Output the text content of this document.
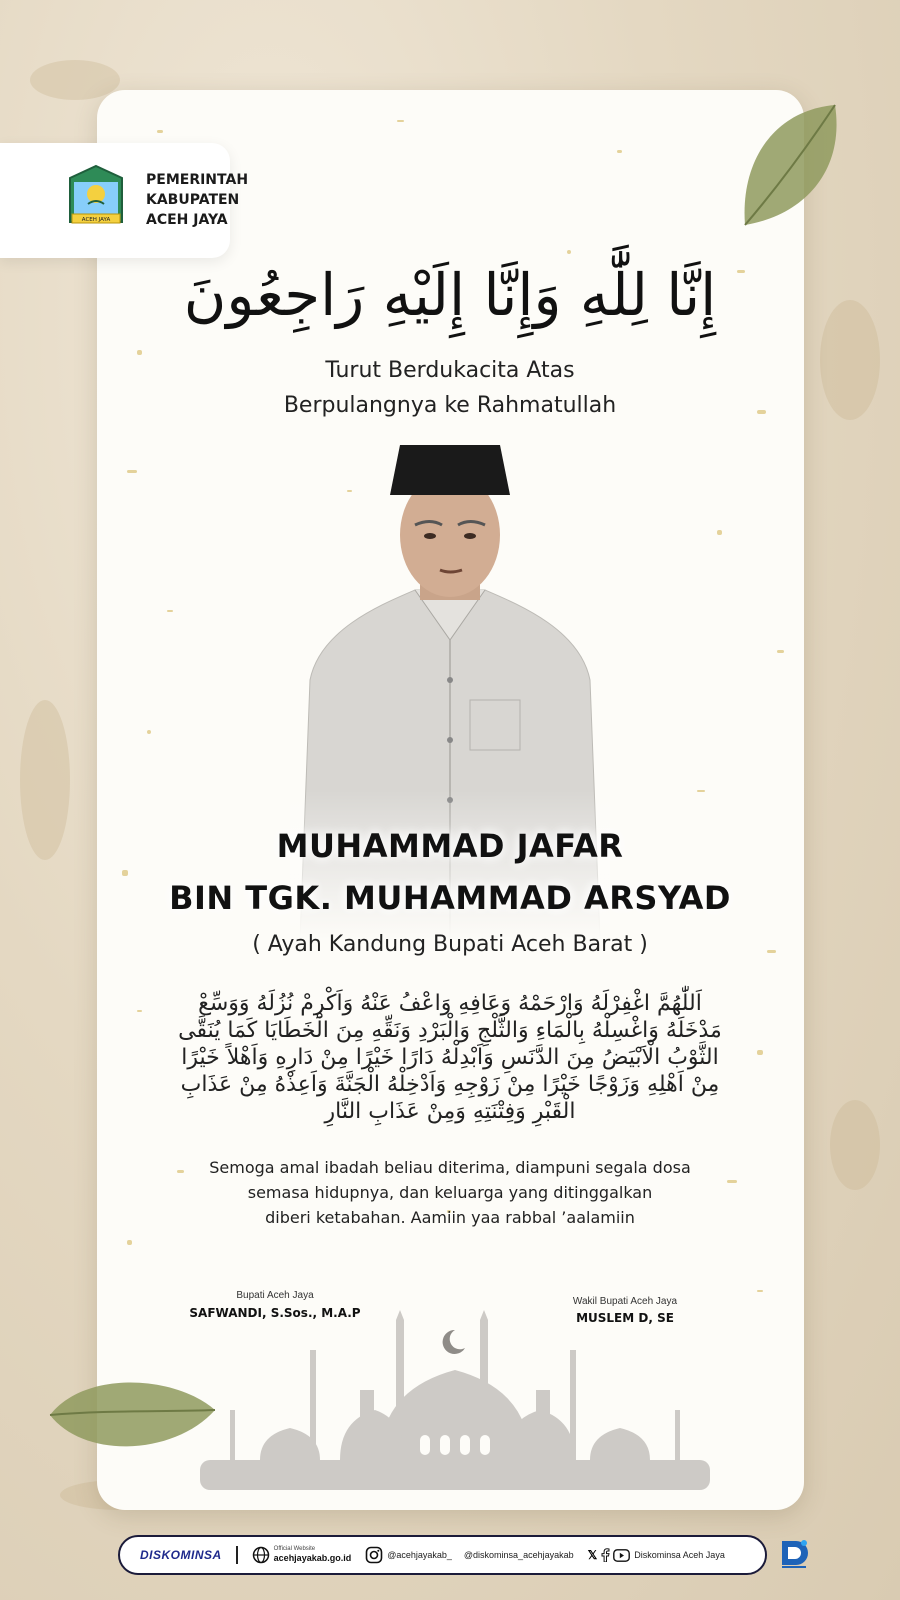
ACEH JAYA
PEMERINTAH
KABUPATEN
ACEH JAYA
إِنَّا لِلَّٰهِ وَإِنَّا إِلَيْهِ رَاجِعُونَ
Turut Berdukacita Atas
Berpulangnya ke Rahmatullah
MUHAMMAD JAFAR
BIN TGK. MUHAMMAD ARSYAD
( Ayah Kandung Bupati Aceh Barat )
اَللّٰهُمَّ اغْفِرْلَهُ وَارْحَمْهُ وَعَافِهِ وَاعْفُ عَنْهُ وَاَكْرِمْ نُزُلَهُ وَوَسِّعْ مَدْخَلَهُ وَاغْسِلْهُ بِالْمَاءِ وَالثَّلْجِ وَالْبَرْدِ وَنَقِّهِ مِنَ الْخَطَايَا كَمَا يُنَقَّى الثَّوْبُ الْاَبْيَضُ مِنَ الدَّنَسِ وَاَبْدِلْهُ دَارًا خَيْرًا مِنْ دَارِهِ وَاَهْلاً خَيْرًا مِنْ اَهْلِهِ وَزَوْجًا خَيْرًا مِنْ زَوْجِهِ وَاَدْخِلْهُ الْجَنَّةَ وَاَعِذْهُ مِنْ عَذَابِ الْقَبْرِ وَفِتْنَتِهِ وَمِنْ عَذَابِ النَّارِ
Semoga amal ibadah beliau diterima, diampuni segala dosa
semasa hidupnya, dan keluarga yang ditinggalkan
diberi ketabahan. Aamiin yaa rabbal ’aalamiin
Bupati Aceh Jaya
SAFWANDI, S.Sos., M.A.P
Wakil Bupati Aceh Jaya
MUSLEM D, SE
DISKOMINSA	Official Website
acehjayakab.go.id	@acehjayakab_ @diskominsa_acehjayakab 𝕏	Diskominsa Aceh Jaya
